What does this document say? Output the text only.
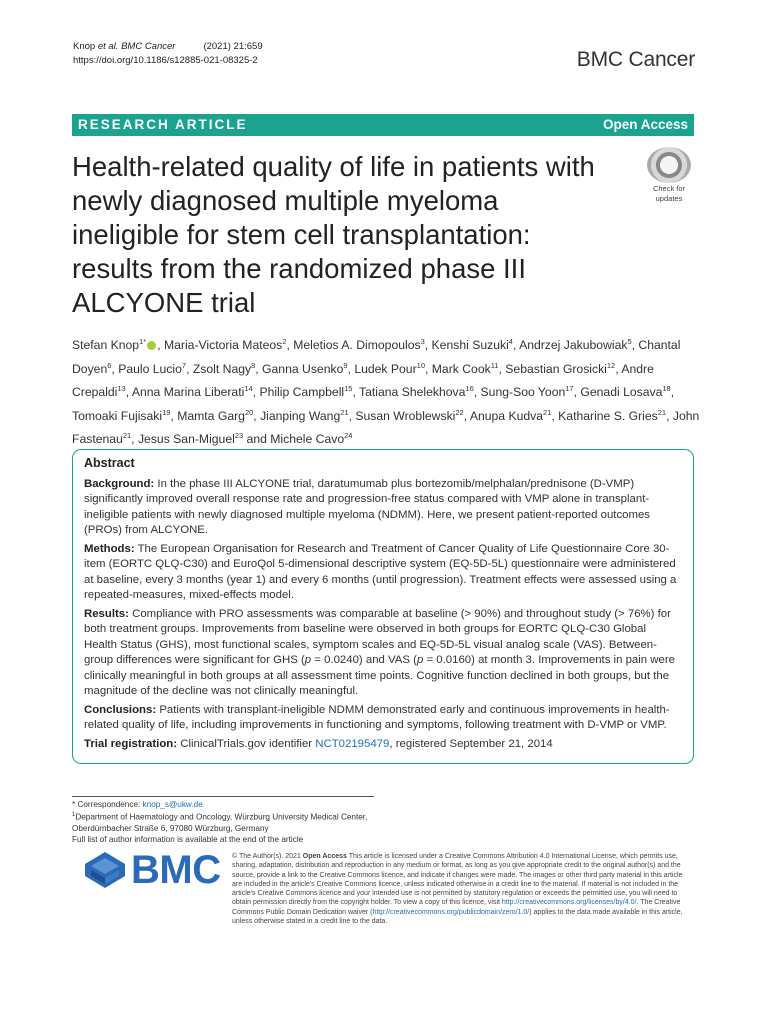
Knop et al. BMC Cancer	(2021) 21:659
https://doi.org/10.1186/s12885-021-08325-2	BMC Cancer
RESEARCH ARTICLE	Open Access
Health-related quality of life in patients with newly diagnosed multiple myeloma ineligible for stem cell transplantation: results from the randomized phase III ALCYONE trial
Check for
updates
Stefan Knop$^{1*}$ , Maria-Victoria Mateos$^2$, Meletios A. Dimopoulos$^3$, Kenshi Suzuki$^4$, Andrzej Jakubowiak$^5$, Chantal Doyen$^6$, Paulo Lucio$^7$, Zsolt Nagy$^8$, Ganna Usenko$^9$, Ludek Pour$^{10}$, Mark Cook$^{11}$, Sebastian Grosicki$^{12}$, Andre Crepaldi$^{13}$, Anna Marina Liberati$^{14}$, Philip Campbell$^{15}$, Tatiana Shelekhova$^{16}$, Sung-Soo Yoon$^{17}$, Genadi Losava$^{18}$, Tomoaki Fujisaki$^{19}$, Mamta Garg$^{20}$, Jianping Wang$^{21}$, Susan Wroblewski$^{22}$, Anupa Kudva$^{21}$, Katharine S. Gries$^{21}$, John Fastenau$^{21}$, Jesus San-Miguel$^{23}$ and Michele Cavo$^{24}$
Abstract

Background: In the phase III ALCYONE trial, daratumumab plus bortezomib/melphalan/prednisone (D-VMP) significantly improved overall response rate and progression-free status compared with VMP alone in transplant-ineligible patients with newly diagnosed multiple myeloma (NDMM). Here, we present patient-reported outcomes (PROs) from ALCYONE.

Methods: The European Organisation for Research and Treatment of Cancer Quality of Life Questionnaire Core 30-item (EORTC QLQ-C30) and EuroQol 5-dimensional descriptive system (EQ-5D-5L) questionnaire were administered at baseline, every 3 months (year 1) and every 6 months (until progression). Treatment effects were assessed using a repeated-measures, mixed-effects model.

Results: Compliance with PRO assessments was comparable at baseline (> 90%) and throughout study (> 76%) for both treatment groups. Improvements from baseline were observed in both groups for EORTC QLQ-C30 Global Health Status (GHS), most functional scales, symptom scales and EQ-5D-5L visual analog scale (VAS). Between-group differences were significant for GHS (p = 0.0240) and VAS (p = 0.0160) at month 3. Improvements in pain were clinically meaningful in both groups at all assessment time points. Cognitive function declined in both groups, but the magnitude of the decline was not clinically meaningful.

Conclusions: Patients with transplant-ineligible NDMM demonstrated early and continuous improvements in health-related quality of life, including improvements in functioning and symptoms, following treatment with D-VMP or VMP.

Trial registration: ClinicalTrials.gov identifier NCT02195479, registered September 21, 2014

* Correspondence: knop_s@ukw.de
$^1$Department of Haematology and Oncology, Würzburg University Medical Center, Oberdürnbacher Straße 6, 97080 Würzburg, Germany
Full list of author information is available at the end of the article
BMC © The Author(s). 2021 Open Access This article is licensed under a Creative Commons Attribution 4.0 International License, which permits use, sharing, adaptation, distribution and reproduction in any medium or format, as long as you give appropriate credit to the original author(s) and the source, provide a link to the Creative Commons licence, and indicate if changes were made. The images or other third party material in this article are included in the article's Creative Commons licence, unless indicated otherwise in a credit line to the material. If material is not included in the article's Creative Commons licence and your intended use is not permitted by statutory regulation or exceeds the permitted use, you will need to obtain permission directly from the copyright holder. To view a copy of this licence, visit http://creativecommons.org/licenses/by/4.0/. The Creative Commons Public Domain Dedication waiver (http://creativecommons.org/publicdomain/zero/1.0/) applies to the data made available in this article, unless otherwise stated in a credit line to the data.
